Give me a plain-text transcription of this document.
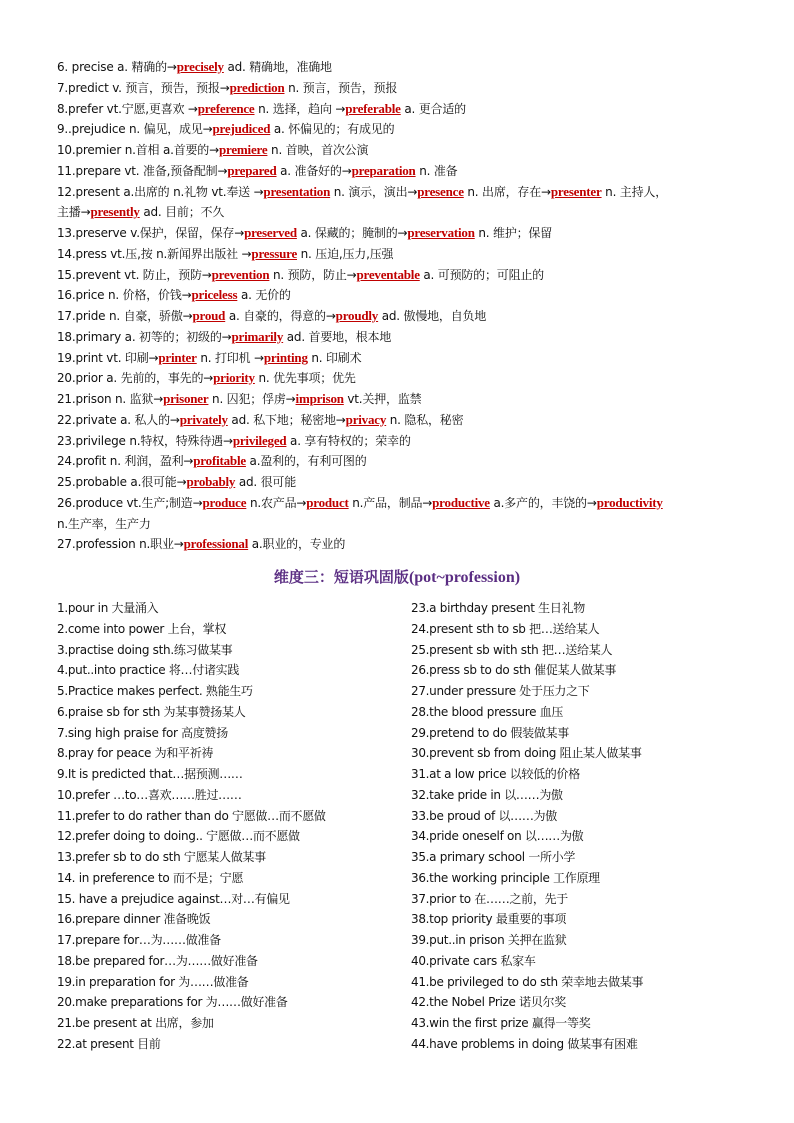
6. precise a. 精确的→precisely ad. 精确地，准确地
7.predict v. 预言，预告，预报→prediction n. 预言，预告，预报
8.prefer vt.宁愿,更喜欢 →preference n. 选择，趋向 →preferable a. 更合适的
9..prejudice n. 偏见，成见→prejudiced a. 怀偏见的；有成见的
10.premier n.首相 a.首要的→premiere n. 首映，首次公演
11.prepare vt. 准备,预备配制→prepared a. 准备好的→preparation n. 准备
12.present a.出席的 n.礼物 vt.奉送 →presentation n. 演示，演出→presence n. 出席，存在→presenter n. 主持人，
主播→presently ad. 目前；不久
13.preserve v.保护，保留，保存→preserved a. 保藏的；腌制的→preservation n. 维护；保留
14.press vt.压,按 n.新闻界出版社 →pressure n. 压迫,压力,压强
15.prevent vt. 防止，预防→prevention n. 预防，防止→preventable a. 可预防的；可阻止的
16.price n. 价格，价钱→priceless a. 无价的
17.pride n. 自豪，骄傲→proud a. 自豪的，得意的→proudly ad. 傲慢地，自负地
18.primary a. 初等的；初级的→primarily ad. 首要地，根本地
19.print vt. 印刷→printer n. 打印机 →printing n. 印刷术
20.prior a. 先前的，事先的→priority n. 优先事项；优先
21.prison n. 监狱→prisoner n. 囚犯；俘虏→imprison vt.关押，监禁
22.private a. 私人的→privately ad. 私下地；秘密地→privacy n. 隐私，秘密
23.privilege n.特权，特殊待遇→privileged a. 享有特权的；荣幸的
24.profit n. 利润，盈利→profitable a.盈利的，有利可图的
25.probable a.很可能→probably ad. 很可能
26.produce vt.生产;制造→produce n.农产品→product n.产品，制品→productive a.多产的，丰饶的→productivity
n.生产率，生产力
27.profession n.职业→professional a.职业的，专业的
维度三：短语巩固版(pot~profession)
1.pour in 大量涌入
2.come into power 上台，掌权
3.practise doing sth.练习做某事
4.put..into practice 将…付诸实践
5.Practice makes perfect. 熟能生巧
6.praise sb for sth 为某事赞扬某人
7.sing high praise for 高度赞扬
8.pray for peace 为和平祈祷
9.It is predicted that…据预测……
10.prefer …to…喜欢……胜过……
11.prefer to do rather than do 宁愿做…而不愿做
12.prefer doing to doing.. 宁愿做…而不愿做
13.prefer sb to do sth 宁愿某人做某事
14. in preference to 而不是；宁愿
15. have a prejudice against…对…有偏见
16.prepare dinner 准备晚饭
17.prepare for…为……做准备
18.be prepared for…为……做好准备
19.in preparation for 为……做准备
20.make preparations for 为……做好准备
21.be present at 出席，参加
22.at present 目前
23.a birthday present 生日礼物
24.present sth to sb 把…送给某人
25.present sb with sth 把…送给某人
26.press sb to do sth 催促某人做某事
27.under pressure 处于压力之下
28.the blood pressure 血压
29.pretend to do 假装做某事
30.prevent sb from doing 阻止某人做某事
31.at a low price 以较低的价格
32.take pride in 以……为傲
33.be proud of 以……为傲
34.pride oneself on 以……为傲
35.a primary school 一所小学
36.the working principle 工作原理
37.prior to 在……之前，先于
38.top priority 最重要的事项
39.put..in prison 关押在监狱
40.private cars 私家车
41.be privileged to do sth 荣幸地去做某事
42.the Nobel Prize 诺贝尔奖
43.win the first prize 赢得一等奖
44.have problems in doing 做某事有困难
